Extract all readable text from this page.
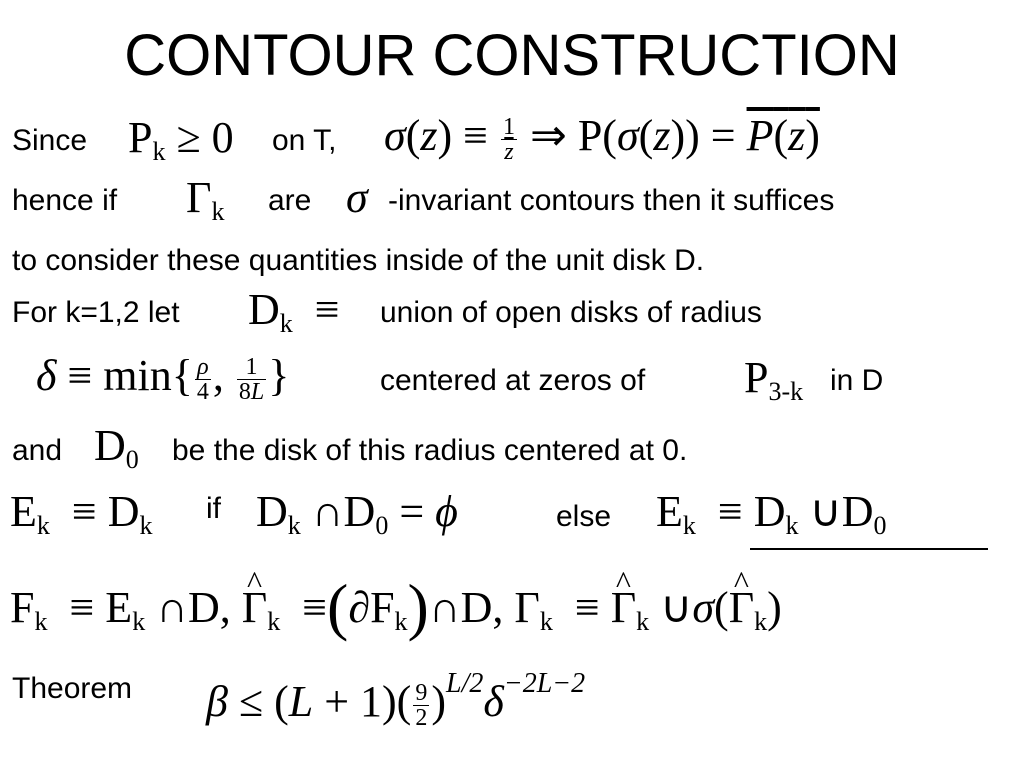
CONTOUR CONSTRUCTION
Since $P_k \ge 0$ on T, $\sigma(z) \equiv \frac{1}{z}$ ⇒ P(σ(z)) = P(z)
hence if $\Gamma_k$ are σ -invariant contours then it suffices
to consider these quantities inside of the unit disk D.
For k=1,2 let $D_k$  ≡ union of open disks of radius
$\delta \equiv \min\{ \frac{\rho}{4}$ , $\frac{1}{8L}$ }	centered at zeros of $P_{3-k}$ in D
and $D_0$ be the disk of this radius centered at 0.
$E_k \equiv D_k$
if $D_k$ $\cap D_0 = \phi$	else $E_k \equiv D_k$ $\cup D_0$
$F_k \equiv E_k$ ∩D, ^ $\Gamma_k$  $\equiv(\partial F_k)\cap D$, $\Gamma_k$  ≡ ^ $\Gamma_k$ ∪σ(^ $\Gamma_k$)
Theorem $\beta \le (L + 1)( \frac{9}{2} )^{L/2}\delta^{-2L-2}$
